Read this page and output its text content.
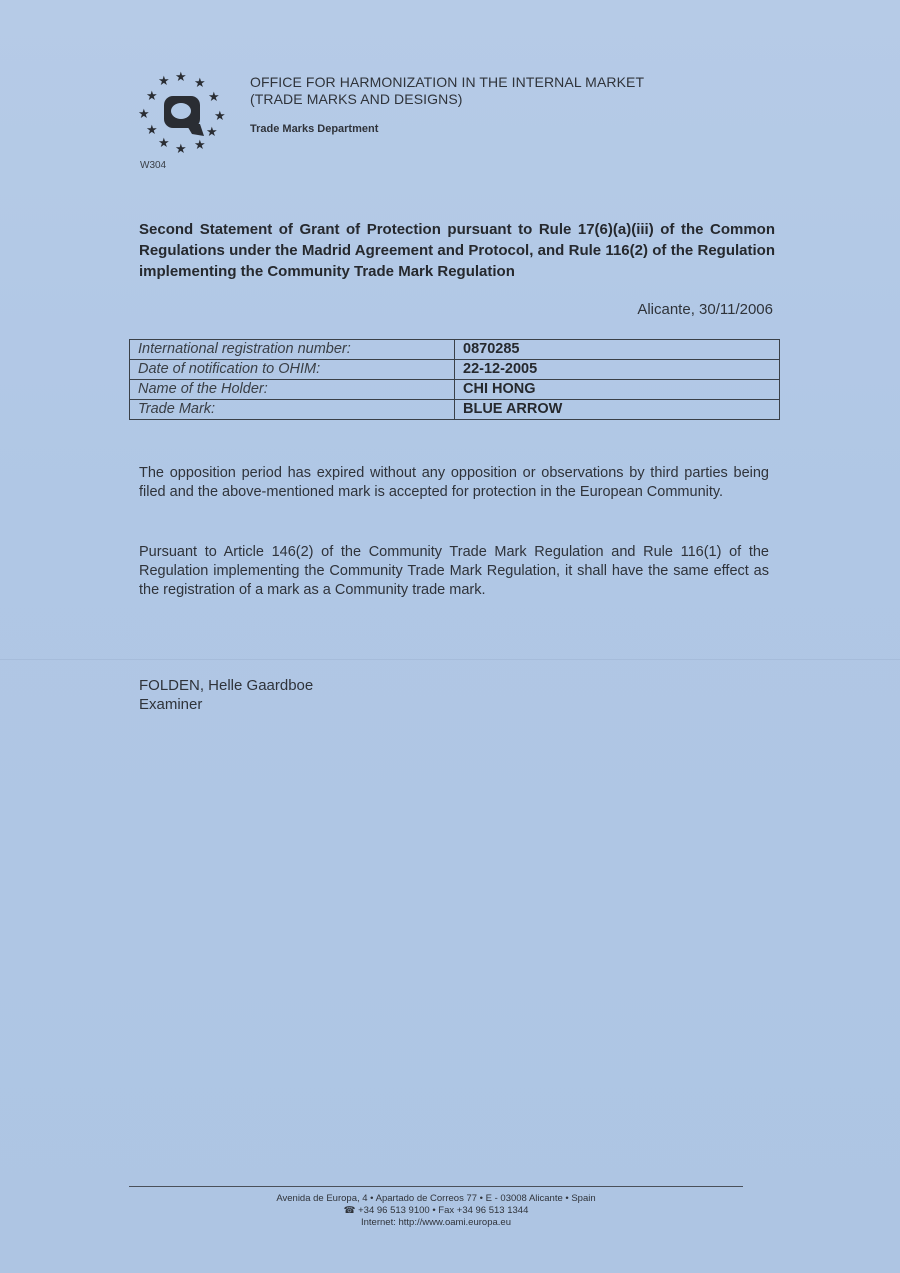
★ ★ ★
★	★
★	★
★	★
★ ★ ★
W304
OFFICE FOR HARMONIZATION IN THE INTERNAL MARKET
(TRADE MARKS AND DESIGNS)
Trade Marks Department
Second Statement of Grant of Protection pursuant to Rule 17(6)(a)(iii) of the Common Regulations under the Madrid Agreement and Protocol, and Rule 116(2) of the Regulation implementing the Community Trade Mark Regulation
Alicante, 30/11/2006
International registration number:	0870285
Date of notification to OHIM:	22-12-2005
Name of the Holder:	CHI HONG
Trade Mark:	BLUE ARROW
The opposition period has expired without any opposition or observations by third parties being filed and the above-mentioned mark is accepted for protection in the European Community.
Pursuant to Article 146(2) of the Community Trade Mark Regulation and Rule 116(1) of the Regulation implementing the Community Trade Mark Regulation, it shall have the same effect as the registration of a mark as a Community trade mark.
FOLDEN, Helle Gaardboe
Examiner
Avenida de Europa, 4 • Apartado de Correos 77 • E - 03008 Alicante • Spain
☎ +34 96 513 9100 • Fax +34 96 513 1344
Internet: http://www.oami.europa.eu
